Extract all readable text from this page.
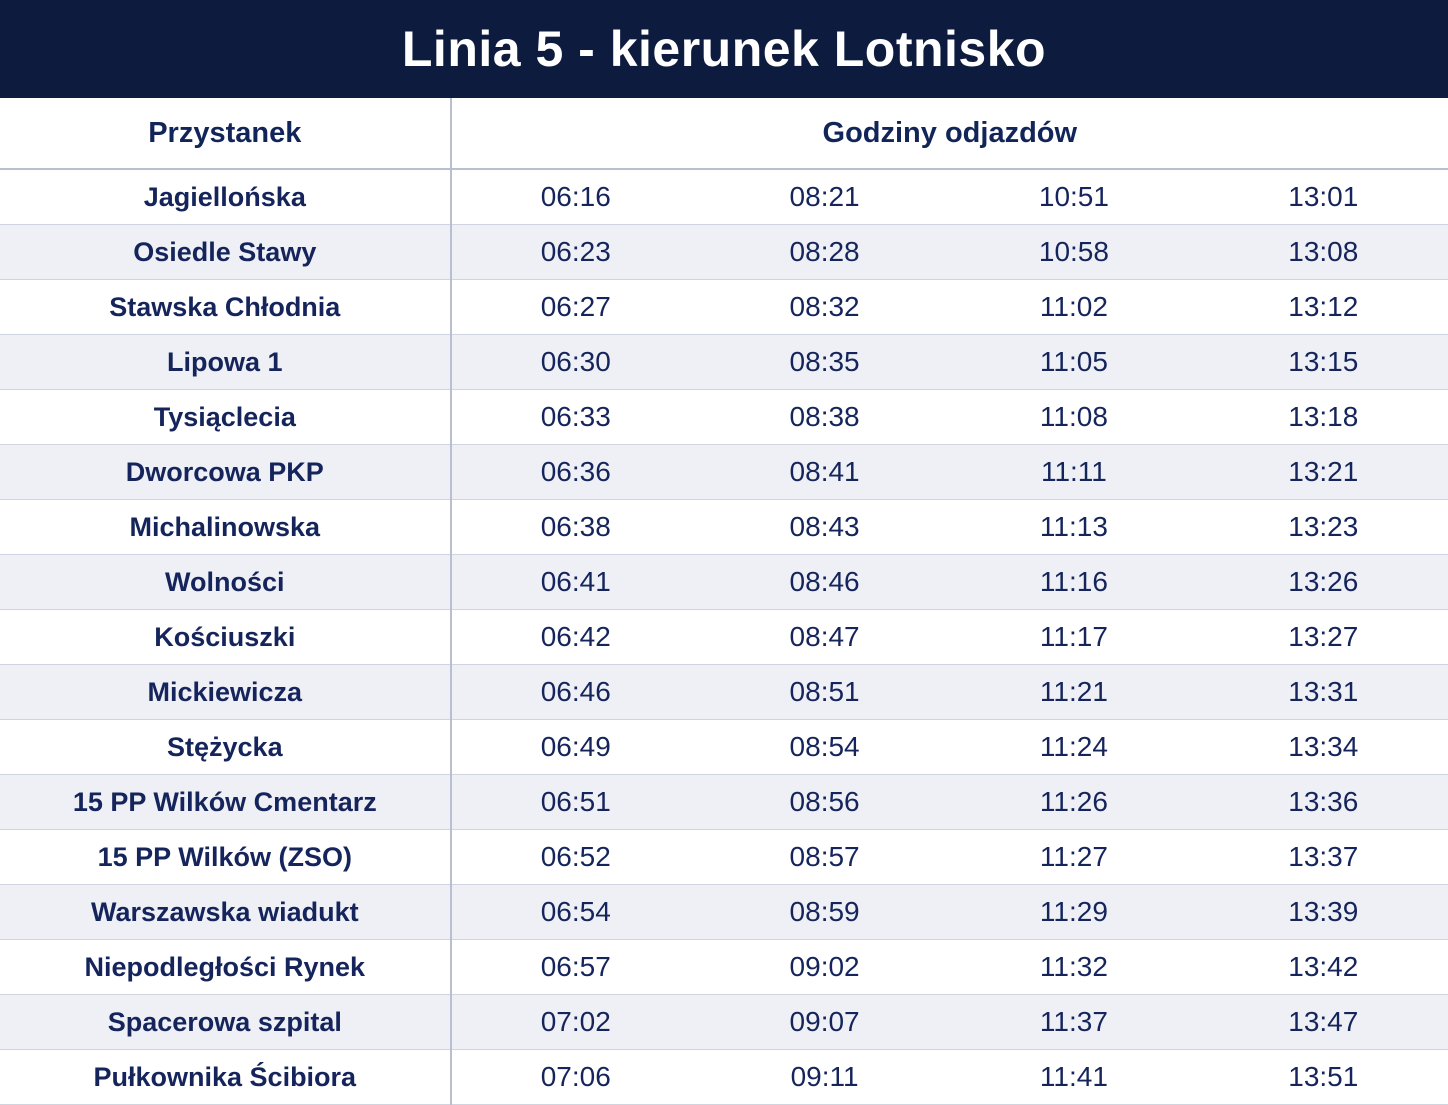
Linia 5 - kierunek Lotnisko
Przystanek	Godziny odjazdów			
Jagiellońska	06:16	08:21	10:51	13:01
Osiedle Stawy	06:23	08:28	10:58	13:08
Stawska Chłodnia	06:27	08:32	11:02	13:12
Lipowa 1	06:30	08:35	11:05	13:15
Tysiąclecia	06:33	08:38	11:08	13:18
Dworcowa PKP	06:36	08:41	11:11	13:21
Michalinowska	06:38	08:43	11:13	13:23
Wolności	06:41	08:46	11:16	13:26
Kościuszki	06:42	08:47	11:17	13:27
Mickiewicza	06:46	08:51	11:21	13:31
Stężycka	06:49	08:54	11:24	13:34
15 PP Wilków Cmentarz	06:51	08:56	11:26	13:36
15 PP Wilków (ZSO)	06:52	08:57	11:27	13:37
Warszawska wiadukt	06:54	08:59	11:29	13:39
Niepodległości Rynek	06:57	09:02	11:32	13:42
Spacerowa szpital	07:02	09:07	11:37	13:47
Pułkownika Ścibiora	07:06	09:11	11:41	13:51
